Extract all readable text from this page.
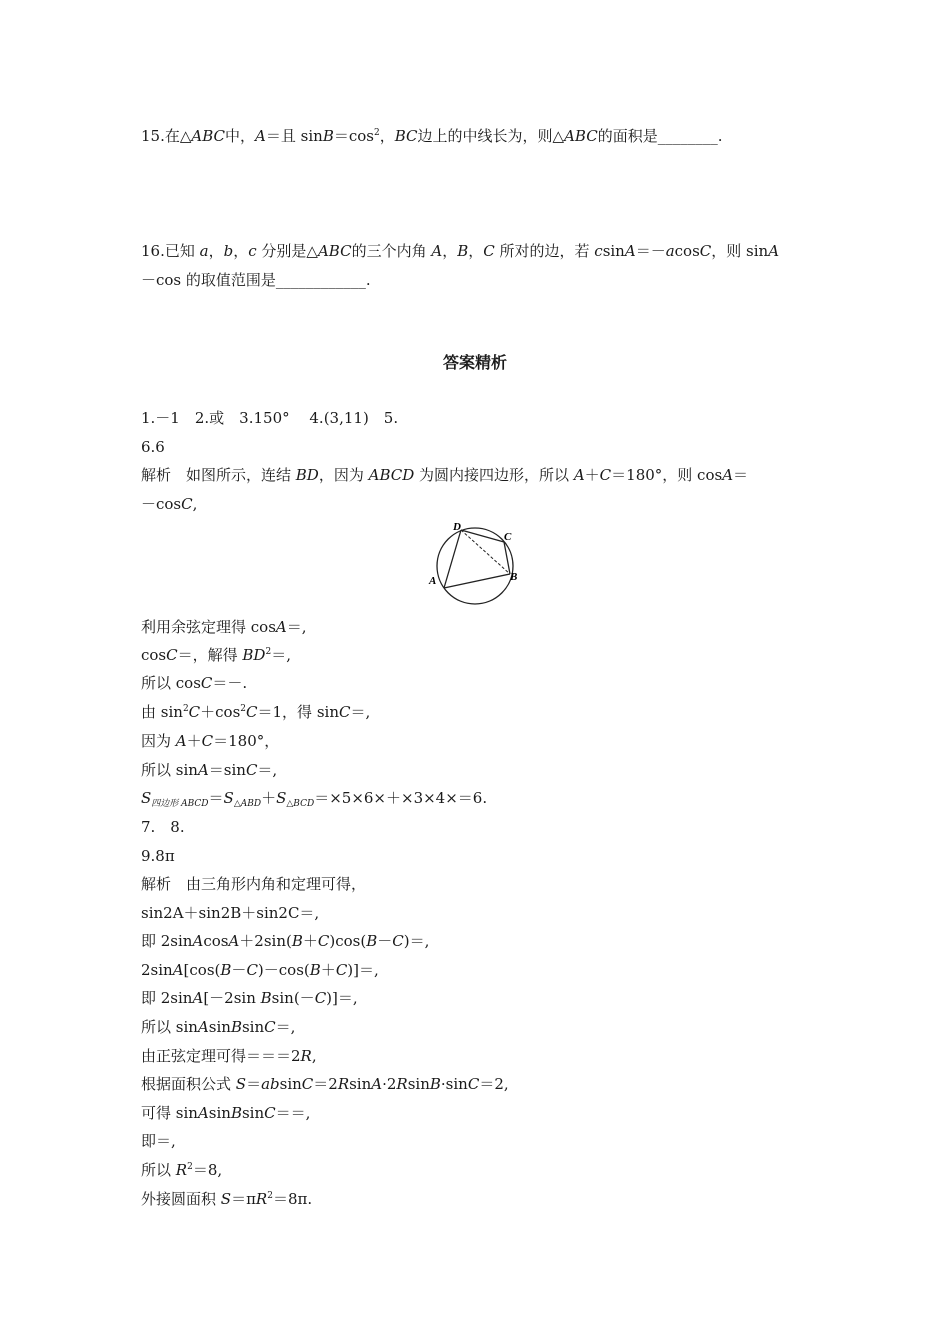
15.在△ABC中，A＝且 $\sin B=\cos^2$，BC边上的中线长为，则△ABC的面积是________.
16.已知 a，b，c 分别是△ABC的三个内角 A，B，C 所对的边，若 csinA＝－acosC，则 sinA
－cos 的取值范围是____________.
答案精析
1.－1　2.或　3.150°　 4.(3,11)　5.
6.6
解析　如图所示，连结 BD，因为 ABCD 为圆内接四边形，所以 A＋C＝180°，则 cosA＝
－cosC,
D
C
A	B
利用余弦定理得 cosA＝,
cosC＝，解得 $BD^2=$,
所以 cosC＝－.
由 $\sin^2C+\cos^2C=1$，得 sinC＝,
因为 A＋C＝180°，
所以 sinA＝sinC＝,
$S_{四边形 ABCD}=S_{\triangle ABD}+S_{\triangle BCD}=\times 5\times 6\times+\times 3\times 4\times=6$.
7.　8.
9.8π
解析　由三角形内角和定理可得，
sin2A＋sin2B＋sin2C＝,
即 2sinAcosA＋2sin(B＋C)cos(B－C)＝,
2sinA[cos(B－C)－cos(B＋C)]＝,
即 2sinA[－2sin Bsin(－C)]＝,
所以 sinAsinBsinC＝,
由正弦定理可得＝＝＝2R,
根据面积公式 S＝absinC＝2RsinA·2RsinB·sinC＝2,
可得 sinAsinBsinC＝＝,
即＝,
所以 $R^2=8$,
外接圆面积 $S=\pi R^2=8\pi$.
